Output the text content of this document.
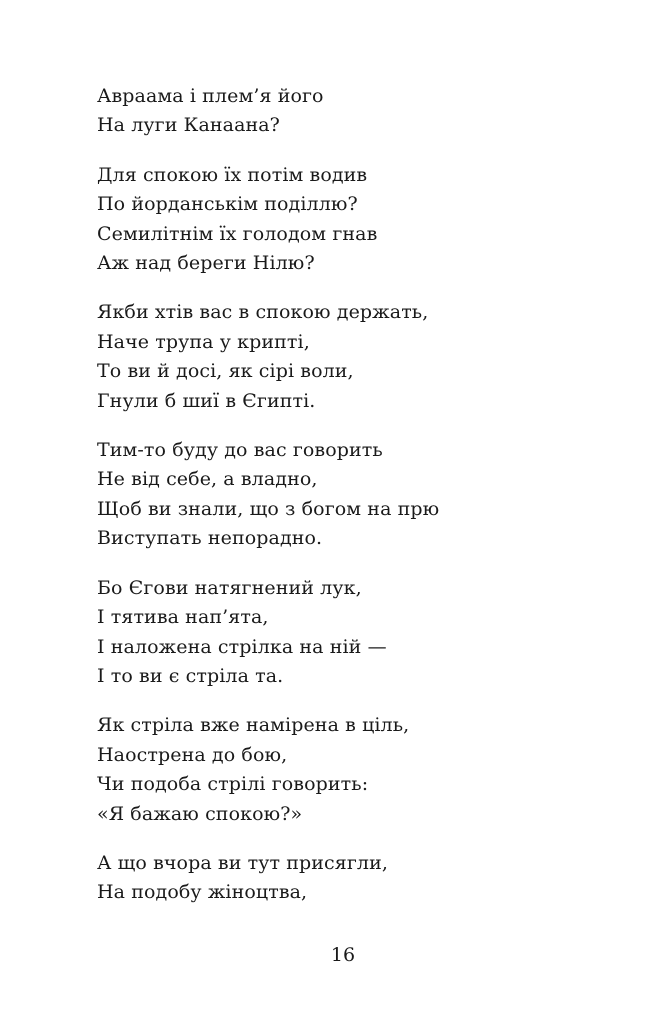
Авраама і плем’я його
На луги Канаана?
Для спокою їх потім водив
По йорданськім поділлю?
Семилітнім їх голодом гнав
Аж над береги Нілю?
Якби хтів вас в спокою держать,
Наче трупа у крипті,
То ви й досі, як сірі воли,
Гнули б шиї в Єгипті.
Тим-то буду до вас говорить
Не від себе, а владно,
Щоб ви знали, що з богом на прю
Виступать непорадно.
Бо Єгови натягнений лук,
І тятива нап’ята,
І наложена стрілка на ній —
І то ви є стріла та.
Як стріла вже намірена в ціль,
Наострена до бою,
Чи подоба стрілі говорить:
«Я бажаю спокою?»
А що вчора ви тут присягли,
На подобу жіноцтва,
16
